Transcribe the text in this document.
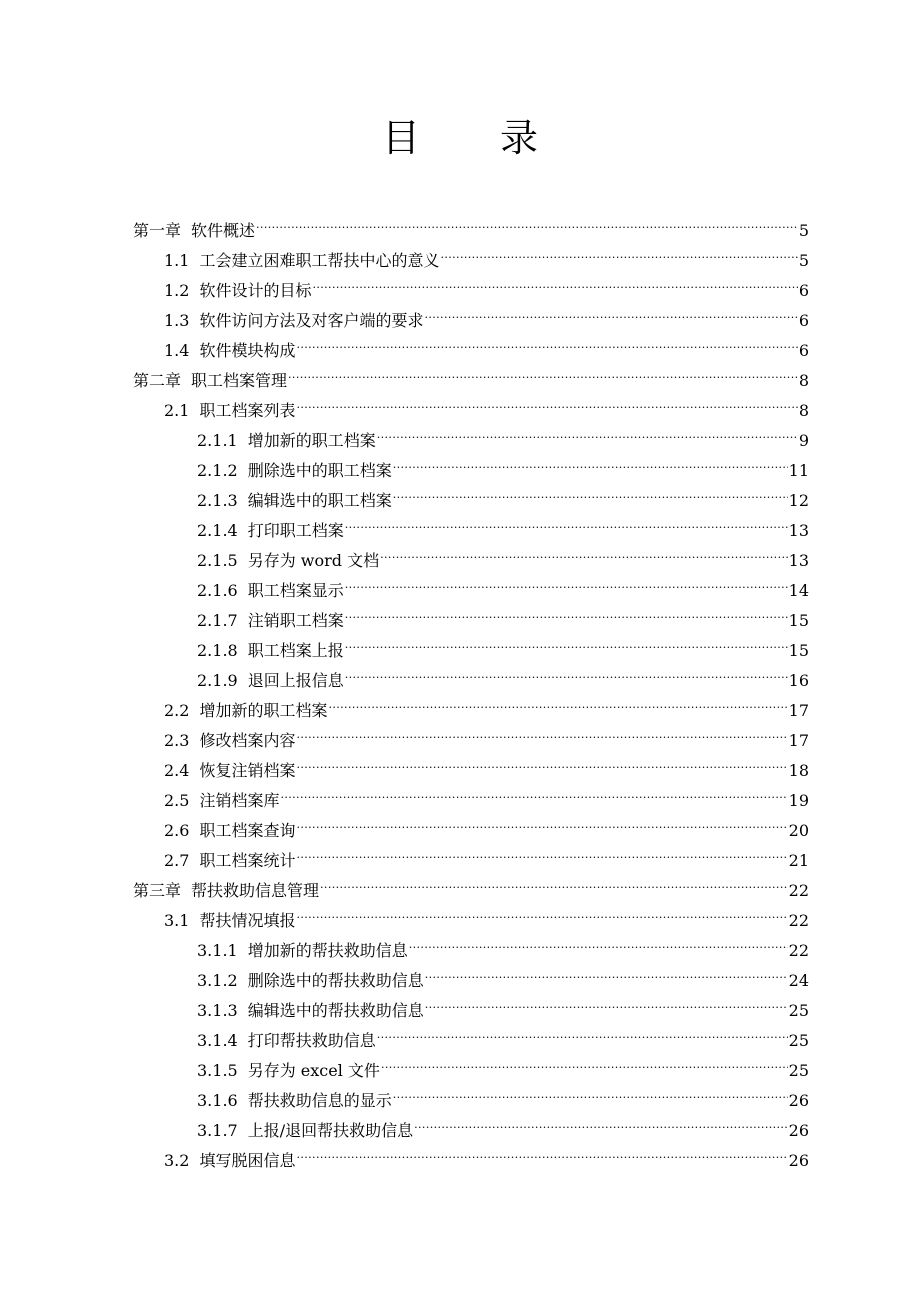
目 录
第一章 软件概述 .....	5
1.1 工会建立困难职工帮扶中心的意义 .....	5
1.2 软件设计的目标 .....	6
1.3 软件访问方法及对客户端的要求 .....	6
1.4 软件模块构成 .....	6
第二章 职工档案管理 .....	8
2.1 职工档案列表 .....	8
2.1.1 增加新的职工档案 .....	9
2.1.2 删除选中的职工档案 .....	11
2.1.3 编辑选中的职工档案 .....	12
2.1.4 打印职工档案 .....	13
2.1.5 另存为 word 文档 .....	13
2.1.6 职工档案显示 .....	14
2.1.7 注销职工档案 .....	15
2.1.8 职工档案上报 .....	15
2.1.9 退回上报信息 .....	16
2.2 增加新的职工档案 .....	17
2.3 修改档案内容 .....	17
2.4 恢复注销档案 .....	18
2.5 注销档案库 .....	19
2.6 职工档案查询 .....	20
2.7 职工档案统计 .....	21
第三章 帮扶救助信息管理 .....	22
3.1 帮扶情况填报 .....	22
3.1.1 增加新的帮扶救助信息 .....	22
3.1.2 删除选中的帮扶救助信息 .....	24
3.1.3 编辑选中的帮扶救助信息 .....	25
3.1.4 打印帮扶救助信息 .....	25
3.1.5 另存为 excel 文件 .....	25
3.1.6 帮扶救助信息的显示 .....	26
3.1.7 上报/退回帮扶救助信息 .....	26
3.2 填写脱困信息 .....	26
